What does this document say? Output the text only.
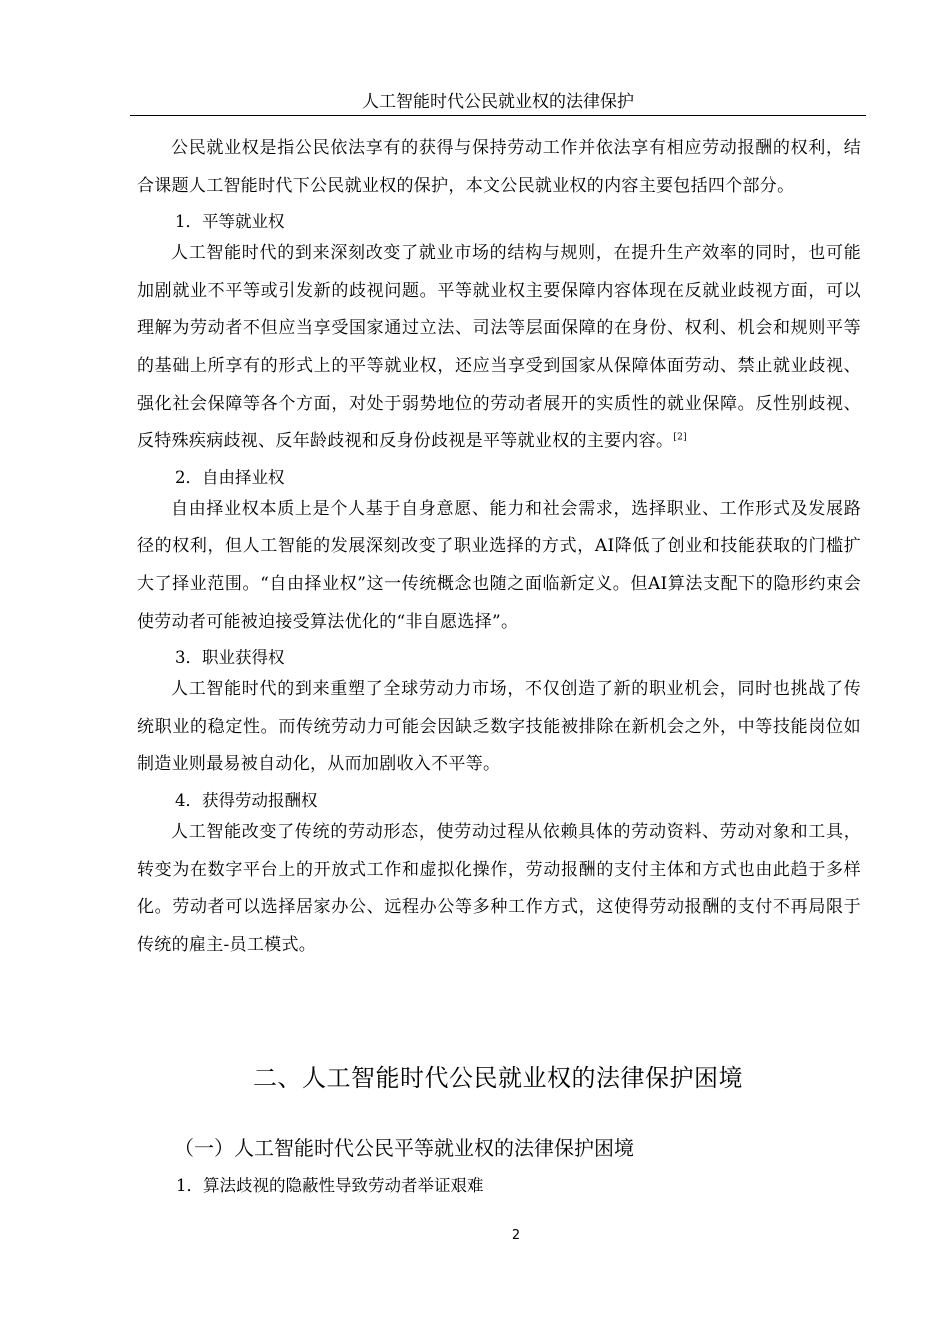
人工智能时代公民就业权的法律保护

公民就业权是指公民依法享有的获得与保持劳动工作并依法享有相应劳动报酬的权利，结合课题人工智能时代下公民就业权的保护，本文公民就业权的内容主要包括四个部分。

1．平等就业权

人工智能时代的到来深刻改变了就业市场的结构与规则，在提升生产效率的同时，也可能加剧就业不平等或引发新的歧视问题。平等就业权主要保障内容体现在反就业歧视方面，可以理解为劳动者不但应当享受国家通过立法、司法等层面保障的在身份、权利、机会和规则平等的基础上所享有的形式上的平等就业权，还应当享受到国家从保障体面劳动、禁止就业歧视、强化社会保障等各个方面，对处于弱势地位的劳动者展开的实质性的就业保障。反性别歧视、反特殊疾病歧视、反年龄歧视和反身份歧视是平等就业权的主要内容。[2]

2．自由择业权

自由择业权本质上是个人基于自身意愿、能力和社会需求，选择职业、工作形式及发展路径的权利，但人工智能的发展深刻改变了职业选择的方式，AI降低了创业和技能获取的门槛扩大了择业范围。“自由择业权”这一传统概念也随之面临新定义。但AI算法支配下的隐形约束会使劳动者可能被迫接受算法优化的“非自愿选择”。

3．职业获得权

人工智能时代的到来重塑了全球劳动力市场，不仅创造了新的职业机会，同时也挑战了传统职业的稳定性。而传统劳动力可能会因缺乏数字技能被排除在新机会之外，中等技能岗位如制造业则最易被自动化，从而加剧收入不平等。

4．获得劳动报酬权

人工智能改变了传统的劳动形态，使劳动过程从依赖具体的劳动资料、劳动对象和工具，转变为在数字平台上的开放式工作和虚拟化操作，劳动报酬的支付主体和方式也由此趋于多样化。劳动者可以选择居家办公、远程办公等多种工作方式，这使得劳动报酬的支付不再局限于传统的雇主-员工模式。

二、人工智能时代公民就业权的法律保护困境
（一）人工智能时代公民平等就业权的法律保护困境
1．算法歧视的隐蔽性导致劳动者举证艰难
2
